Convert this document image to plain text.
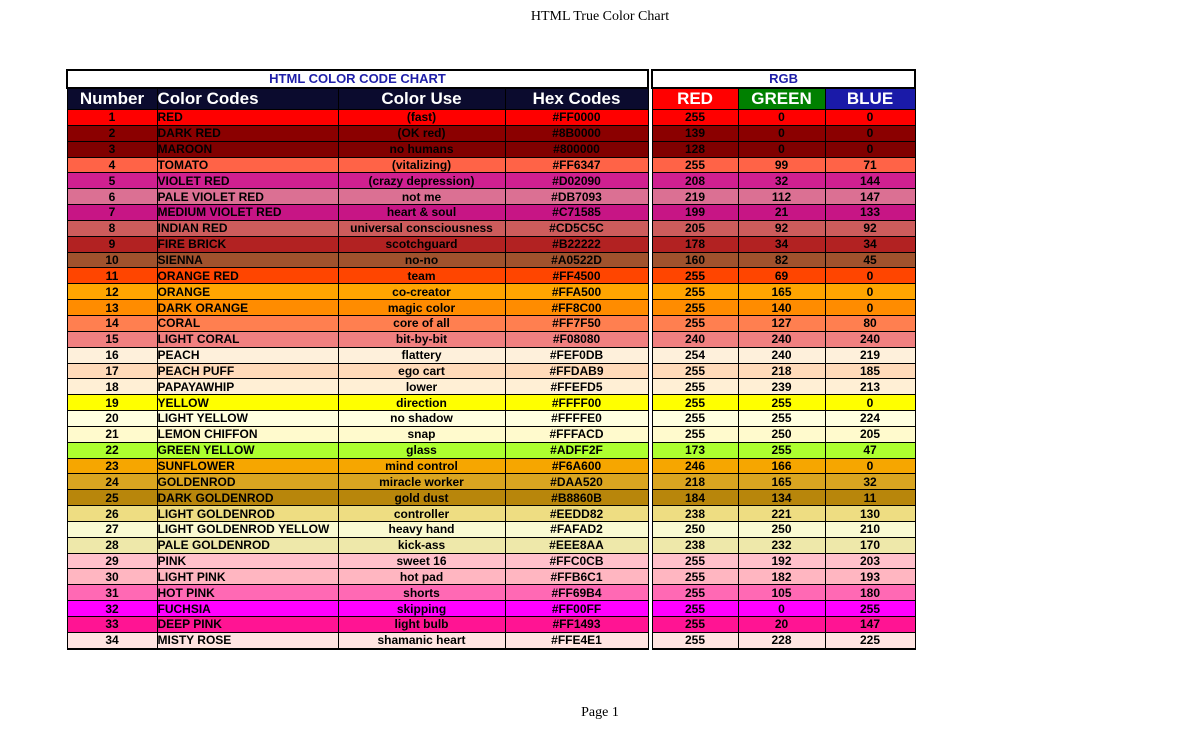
HTML True Color Chart
HTML COLOR CODE CHART					RGB		
Number	Color Codes	Color Use	Hex Codes		RED	GREEN	BLUE
1	RED	(fast)	#FF0000		255	0	0
2	DARK RED	(OK red)	#8B0000		139	0	0
3	MAROON	no humans	#800000		128	0	0
4	TOMATO	(vitalizing)	#FF6347		255	99	71
5	VIOLET RED	(crazy depression)	#D02090		208	32	144
6	PALE VIOLET RED	not me	#DB7093		219	112	147
7	MEDIUM VIOLET RED	heart & soul	#C71585		199	21	133
8	INDIAN RED	universal consciousness	#CD5C5C		205	92	92
9	FIRE BRICK	scotchguard	#B22222		178	34	34
10	SIENNA	no-no	#A0522D		160	82	45
11	ORANGE RED	team	#FF4500		255	69	0
12	ORANGE	co-creator	#FFA500		255	165	0
13	DARK ORANGE	magic color	#FF8C00		255	140	0
14	CORAL	core of all	#FF7F50		255	127	80
15	LIGHT CORAL	bit-by-bit	#F08080		240	240	240
16	PEACH	flattery	#FEF0DB		254	240	219
17	PEACH PUFF	ego cart	#FFDAB9		255	218	185
18	PAPAYAWHIP	lower	#FFEFD5		255	239	213
19	YELLOW	direction	#FFFF00		255	255	0
20	LIGHT YELLOW	no shadow	#FFFFE0		255	255	224
21	LEMON CHIFFON	snap	#FFFACD		255	250	205
22	GREEN YELLOW	glass	#ADFF2F		173	255	47
23	SUNFLOWER	mind control	#F6A600		246	166	0
24	GOLDENROD	miracle worker	#DAA520		218	165	32
25	DARK GOLDENROD	gold dust	#B8860B		184	134	11
26	LIGHT GOLDENROD	controller	#EEDD82		238	221	130
27	LIGHT GOLDENROD YELLOW	heavy hand	#FAFAD2		250	250	210
28	PALE GOLDENROD	kick-ass	#EEE8AA		238	232	170
29	PINK	sweet 16	#FFC0CB		255	192	203
30	LIGHT PINK	hot pad	#FFB6C1		255	182	193
31	HOT PINK	shorts	#FF69B4		255	105	180
32	FUCHSIA	skipping	#FF00FF		255	0	255
33	DEEP PINK	light bulb	#FF1493		255	20	147
34	MISTY ROSE	shamanic heart	#FFE4E1		255	228	225
Page 1
